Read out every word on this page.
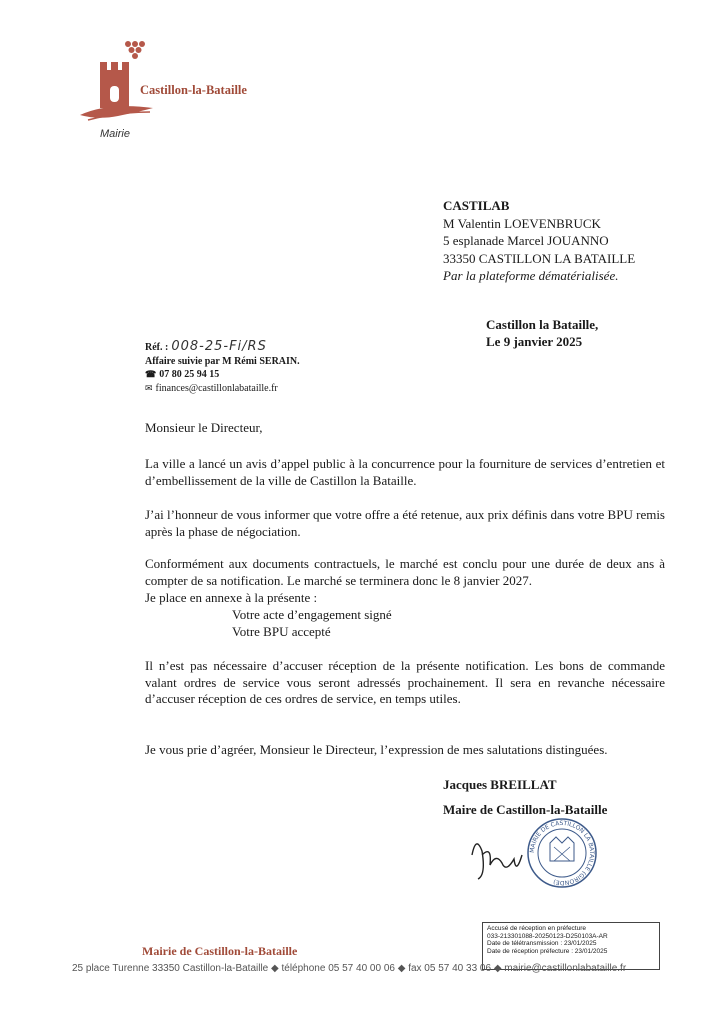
Castillon-la-Bataille
Mairie
CASTILAB
M Valentin LOEVENBRUCK
5 esplanade Marcel JOUANNO
33350 CASTILLON LA BATAILLE
Par la plateforme dématérialisée.
Castillon la Bataille,
Le 9 janvier 2025
Réf. : 008-25-Fi/RS
Affaire suivie par M Rémi SERAIN.
☎ 07 80 25 94 15
✉ finances@castillonlabataille.fr
Monsieur le Directeur,
La ville a lancé un avis d’appel public à la concurrence pour la fourniture de services d’entretien et d’embellissement de la ville de Castillon la Bataille.
J’ai l’honneur de vous informer que votre offre a été retenue, aux prix définis dans votre BPU remis après la phase de négociation.
Conformément aux documents contractuels, le marché est conclu pour une durée de deux ans à compter de sa notification. Le marché se terminera donc le 8 janvier 2027.
Je place en annexe à la présente :
Votre acte d’engagement signé
Votre BPU accepté
Il n’est pas nécessaire d’accuser réception de la présente notification. Les bons de commande valant ordres de service vous seront adressés prochainement. Il sera en revanche nécessaire d’accuser réception de ces ordres de service, en temps utiles.
Je vous prie d’agréer, Monsieur le Directeur, l’expression de mes salutations distinguées.
Jacques BREILLAT
Maire de Castillon-la-Bataille
MAIRIE DE CASTILLON LA BATAILLE (GIRONDE)
Accusé de réception en préfecture
033-213301088-20250123-D250103A-AR
Date de télétransmission : 23/01/2025
Date de réception préfecture : 23/01/2025
Mairie de Castillon-la-Bataille
25 place Turenne 33350 Castillon-la-Bataille ◆ téléphone 05 57 40 00 06 ◆ fax 05 57 40 33 06 ◆ mairie@castillonlabataille.fr
